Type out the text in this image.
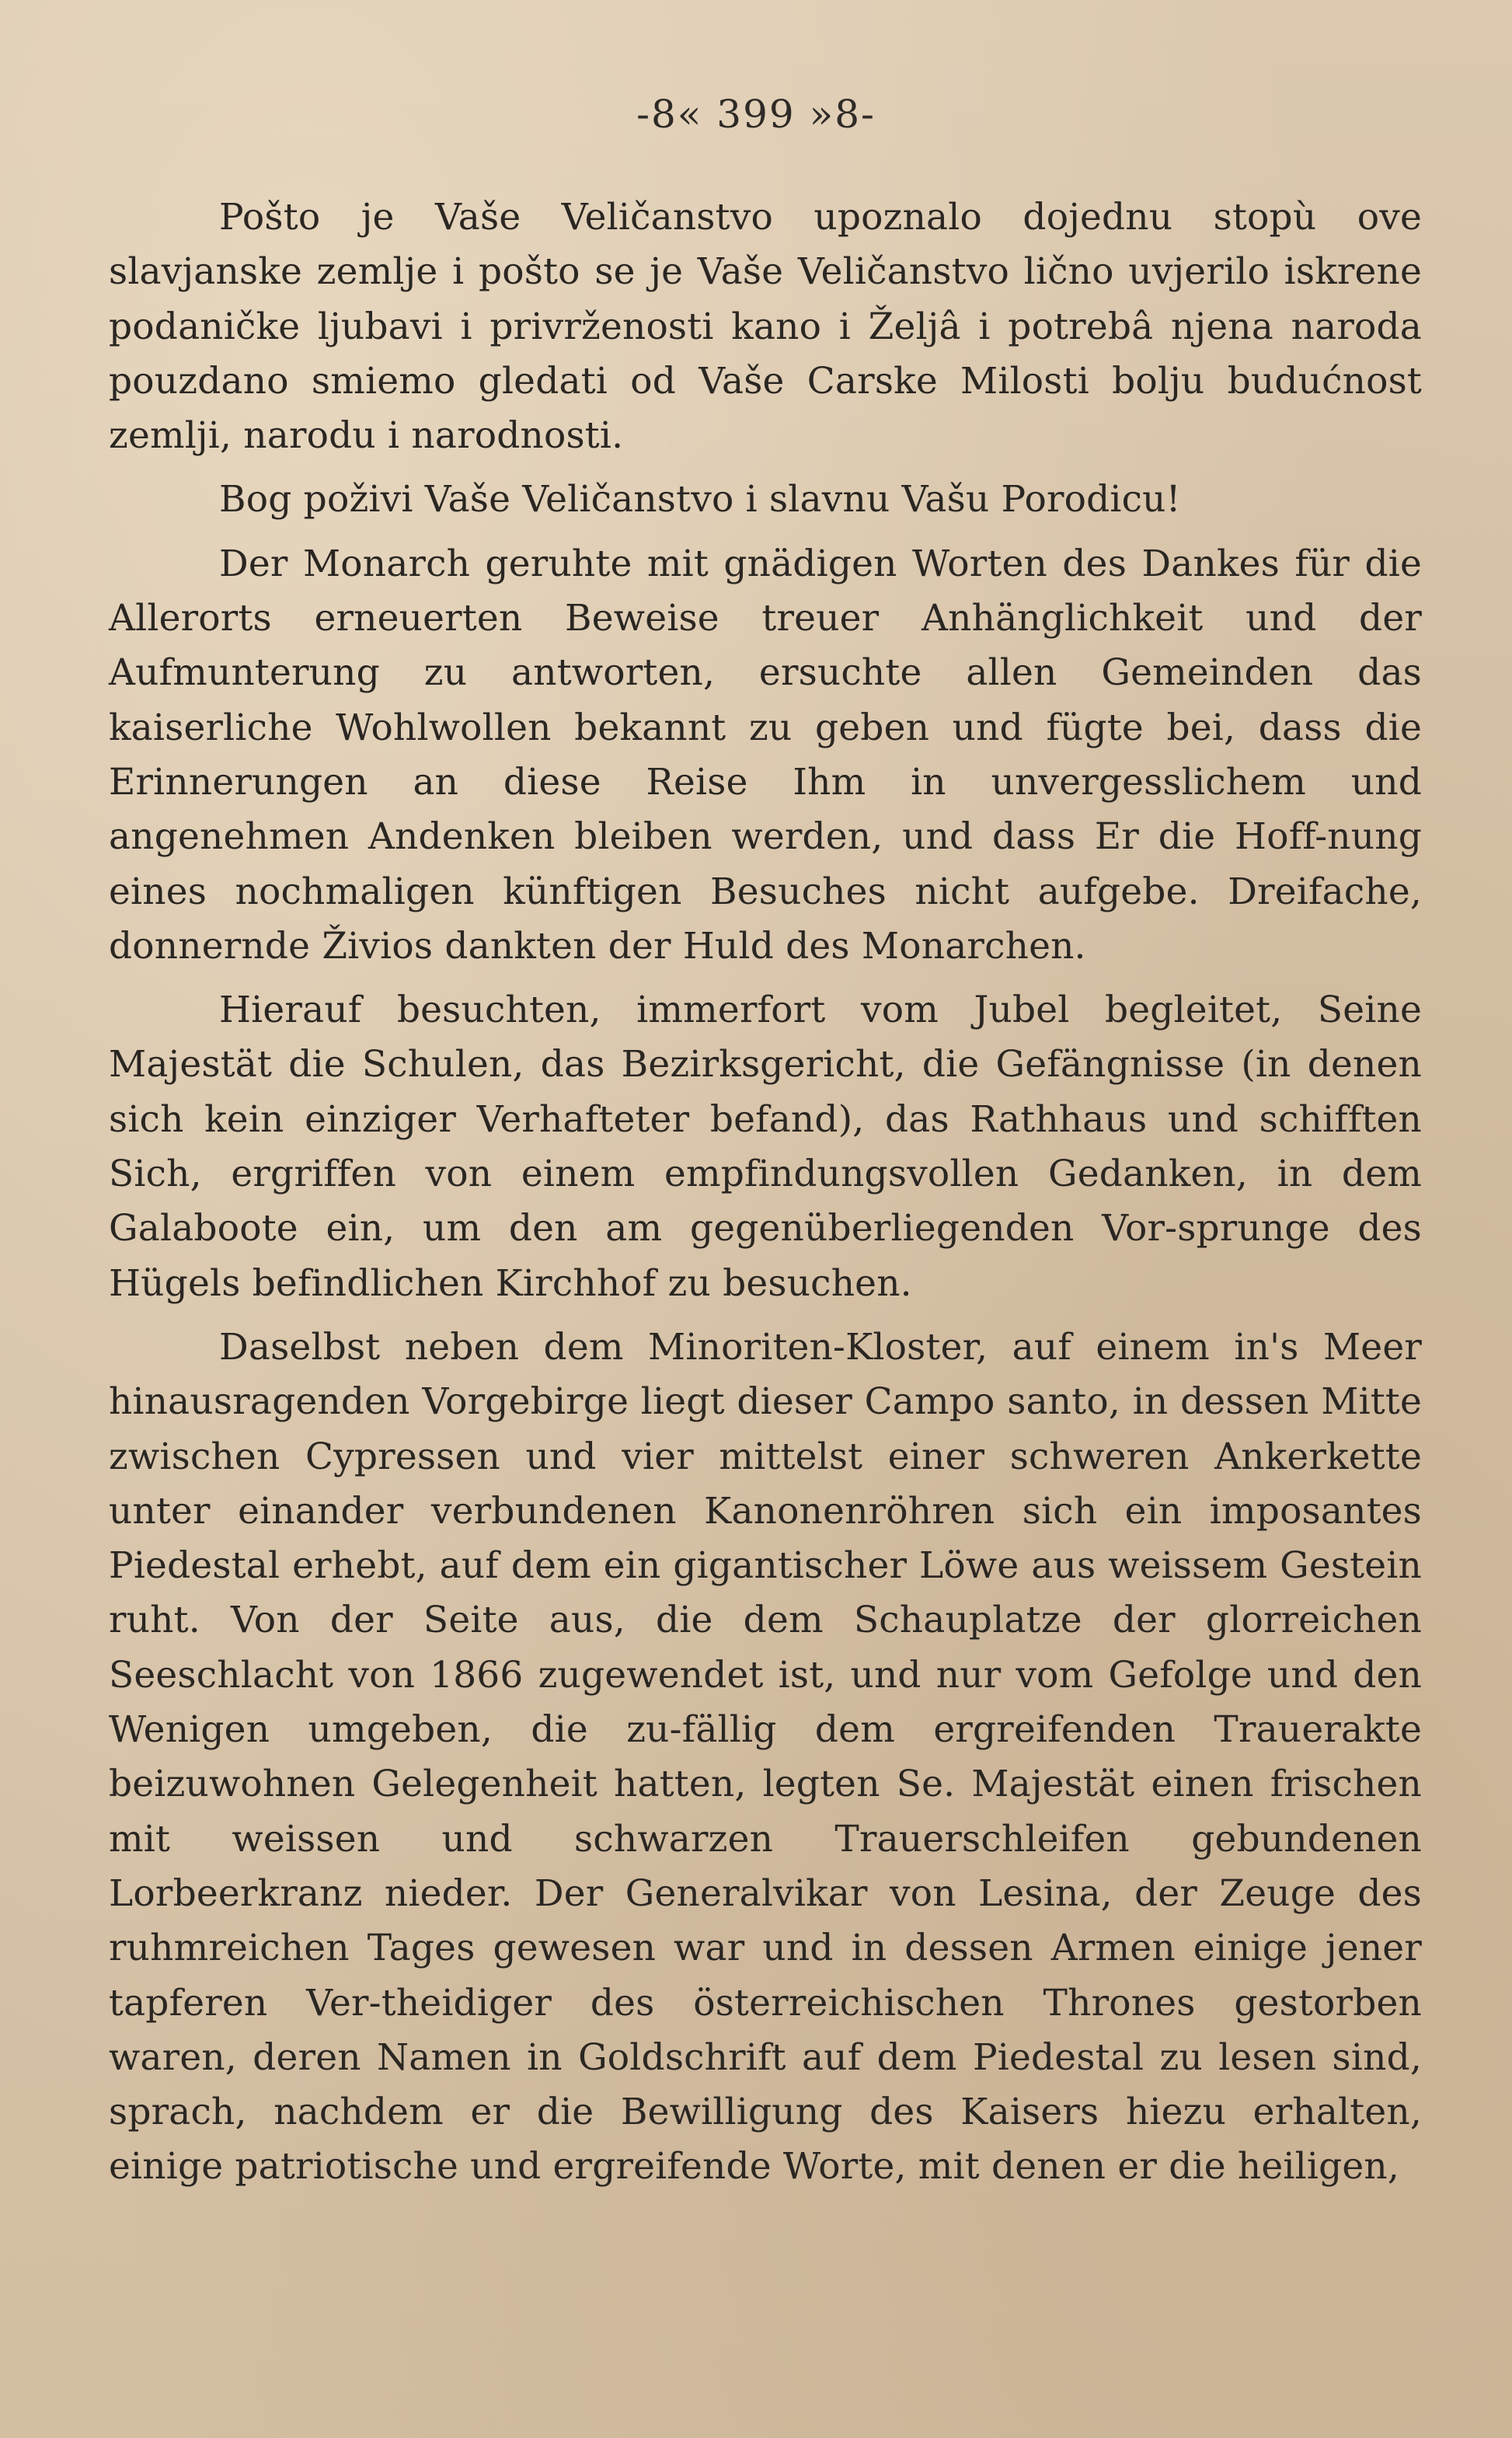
-8« 399 »8-

Pošto je Vaše Veličanstvo upoznalo dojednu stopù ove slavjanske zemlje i pošto se je Vaše Veličanstvo lično uvjerilo iskrene podaničke ljubavi i privrženosti kano i Željâ i potrebâ njena naroda pouzdano smiemo gledati od Vaše Carske Milosti bolju budućnost zemlji, narodu i narodnosti.

Bog poživi Vaše Veličanstvo i slavnu Vašu Porodicu!

Der Monarch geruhte mit gnädigen Worten des Dankes für die Allerorts erneuerten Beweise treuer Anhänglichkeit und der Aufmunterung zu antworten, ersuchte allen Gemeinden das kaiserliche Wohlwollen bekannt zu geben und fügte bei, dass die Erinnerungen an diese Reise Ihm in unvergesslichem und angenehmen Andenken bleiben werden, und dass Er die Hoff-nung eines nochmaligen künftigen Besuches nicht aufgebe. Dreifache, donnernde Živios dankten der Huld des Monarchen.

Hierauf besuchten, immerfort vom Jubel begleitet, Seine Majestät die Schulen, das Bezirksgericht, die Gefängnisse (in denen sich kein einziger Verhafteter befand), das Rathhaus und schifften Sich, ergriffen von einem empfindungsvollen Gedanken, in dem Galaboote ein, um den am gegenüberliegenden Vor-sprunge des Hügels befindlichen Kirchhof zu besuchen.

Daselbst neben dem Minoriten-Kloster, auf einem in's Meer hinausragenden Vorgebirge liegt dieser Campo santo, in dessen Mitte zwischen Cypressen und vier mittelst einer schweren Ankerkette unter einander verbundenen Kanonenröhren sich ein imposantes Piedestal erhebt, auf dem ein gigantischer Löwe aus weissem Gestein ruht. Von der Seite aus, die dem Schauplatze der glorreichen Seeschlacht von 1866 zugewendet ist, und nur vom Gefolge und den Wenigen umgeben, die zu-fällig dem ergreifenden Trauerakte beizuwohnen Gelegenheit hatten, legten Se. Majestät einen frischen mit weissen und schwarzen Trauerschleifen gebundenen Lorbeerkranz nieder. Der Generalvikar von Lesina, der Zeuge des ruhmreichen Tages gewesen war und in dessen Armen einige jener tapferen Ver-theidiger des österreichischen Thrones gestorben waren, deren Namen in Goldschrift auf dem Piedestal zu lesen sind, sprach, nachdem er die Bewilligung des Kaisers hiezu erhalten, einige patriotische und ergreifende Worte, mit denen er die heiligen,
